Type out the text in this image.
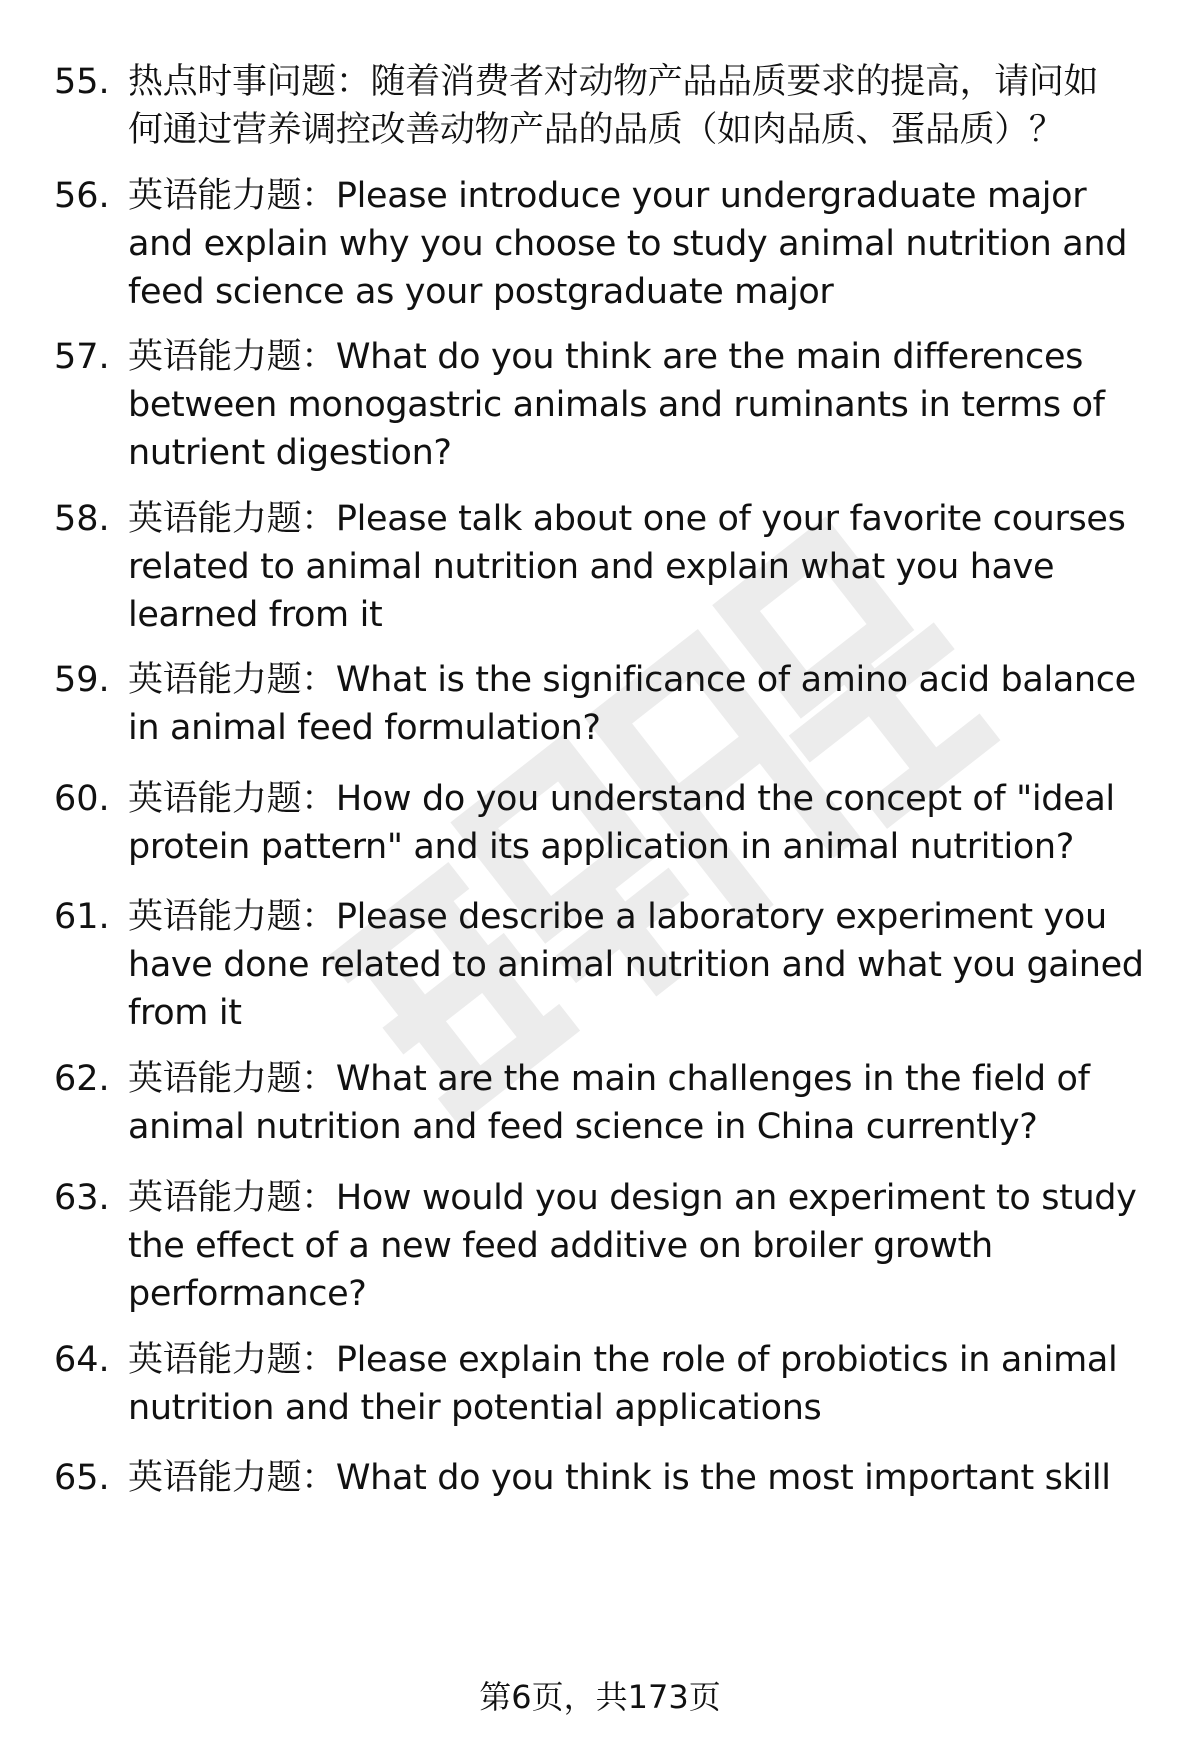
55. 热点时事问题：随着消费者对动物产品品质要求的提高，请问如
何通过营养调控改善动物产品的品质（如肉品质、蛋品质）？
56. 英语能力题：Please introduce your undergraduate major
and explain why you choose to study animal nutrition and
feed science as your postgraduate major
57. 英语能力题：What do you think are the main differences
between monogastric animals and ruminants in terms of
nutrient digestion?
58. 英语能力题：Please talk about one of your favorite courses
related to animal nutrition and explain what you have
learned from it
59. 英语能力题：What is the significance of amino acid balance
in animal feed formulation?
60. 英语能力题：How do you understand the concept of "ideal
protein pattern" and its application in animal nutrition?
61. 英语能力题：Please describe a laboratory experiment you
have done related to animal nutrition and what you gained
from it
62. 英语能力题：What are the main challenges in the field of
animal nutrition and feed science in China currently?
63. 英语能力题：How would you design an experiment to study
the effect of a new feed additive on broiler growth
performance?
64. 英语能力题：Please explain the role of probiotics in animal
nutrition and their potential applications
65. 英语能力题：What do you think is the most important skill
第6页，共173页
